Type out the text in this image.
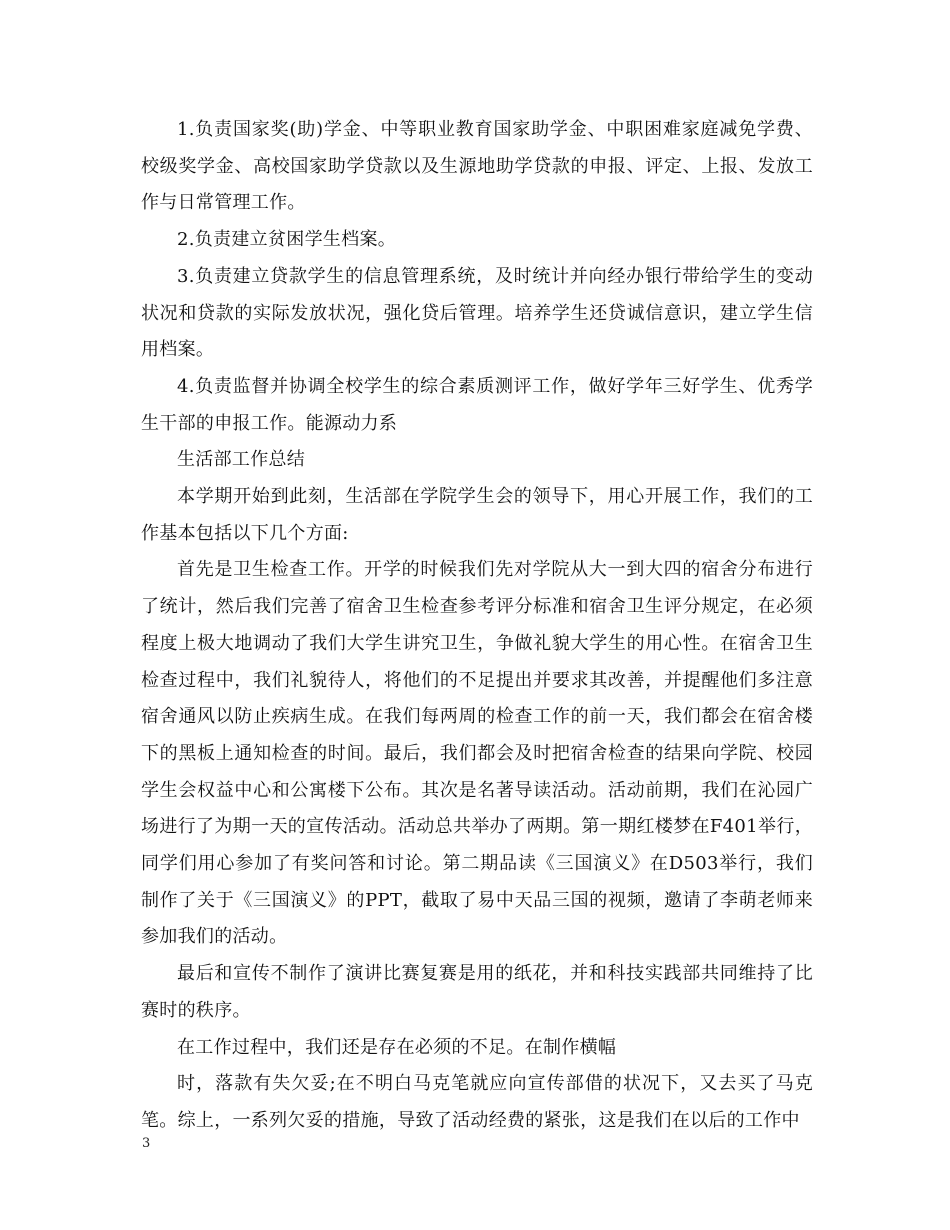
1.负责国家奖(助)学金、中等职业教育国家助学金、中职困难家庭减免学费、校级奖学金、高校国家助学贷款以及生源地助学贷款的申报、评定、上报、发放工作与日常管理工作。

2.负责建立贫困学生档案。

3.负责建立贷款学生的信息管理系统，及时统计并向经办银行带给学生的变动状况和贷款的实际发放状况，强化贷后管理。培养学生还贷诚信意识，建立学生信用档案。

4.负责监督并协调全校学生的综合素质测评工作，做好学年三好学生、优秀学生干部的申报工作。能源动力系

生活部工作总结

本学期开始到此刻，生活部在学院学生会的领导下，用心开展工作，我们的工作基本包括以下几个方面:

首先是卫生检查工作。开学的时候我们先对学院从大一到大四的宿舍分布进行了统计，然后我们完善了宿舍卫生检查参考评分标准和宿舍卫生评分规定，在必须程度上极大地调动了我们大学生讲究卫生，争做礼貌大学生的用心性。在宿舍卫生检查过程中，我们礼貌待人，将他们的不足提出并要求其改善，并提醒他们多注意宿舍通风以防止疾病生成。在我们每两周的检查工作的前一天，我们都会在宿舍楼下的黑板上通知检查的时间。最后，我们都会及时把宿舍检查的结果向学院、校园学生会权益中心和公寓楼下公布。其次是名著导读活动。活动前期，我们在沁园广场进行了为期一天的宣传活动。活动总共举办了两期。第一期红楼梦在F401举行，同学们用心参加了有奖问答和讨论。第二期品读《三国演义》在D503举行，我们制作了关于《三国演义》的PPT，截取了易中天品三国的视频，邀请了李萌老师来参加我们的活动。

最后和宣传不制作了演讲比赛复赛是用的纸花，并和科技实践部共同维持了比赛时的秩序。

在工作过程中，我们还是存在必须的不足。在制作横幅

时，落款有失欠妥;在不明白马克笔就应向宣传部借的状况下，又去买了马克笔。综上，一系列欠妥的措施，导致了活动经费的紧张，这是我们在以后的工作中

3
